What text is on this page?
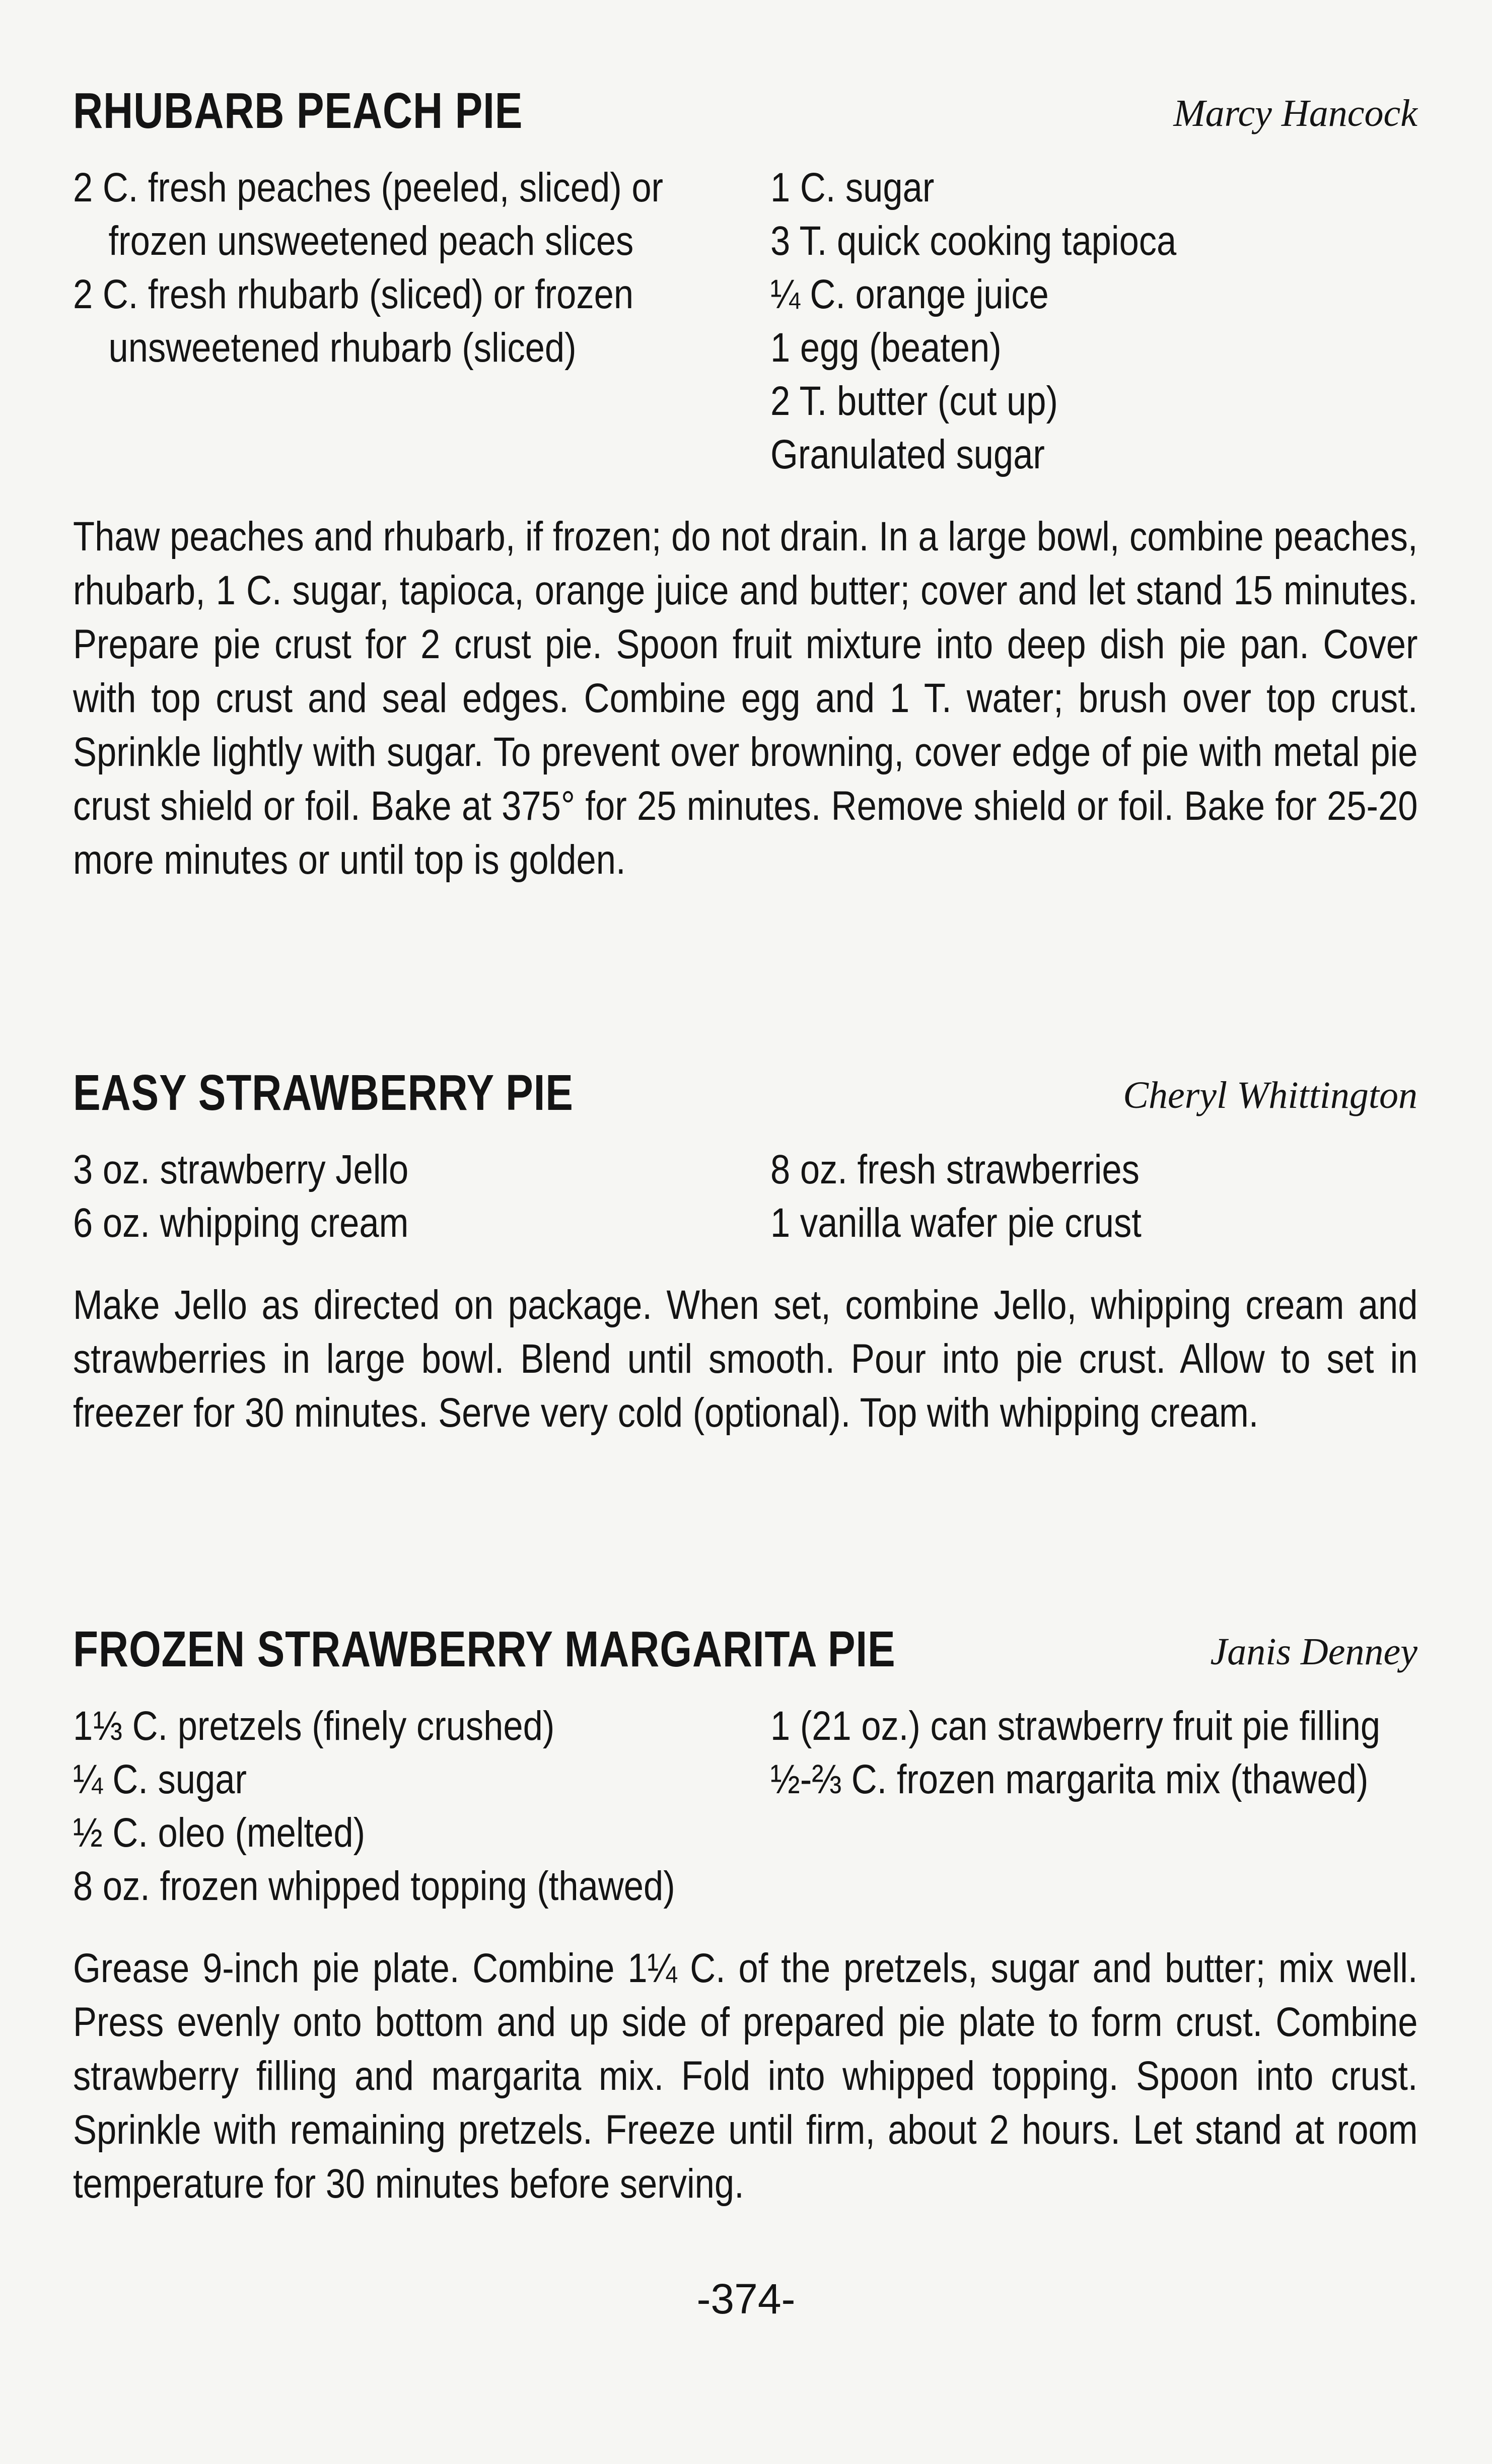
RHUBARB PEACH PIE	Marcy Hancock
2 C. fresh peaches (peeled, sliced) or frozen unsweetened peach slices
2 C. fresh rhubarb (sliced) or frozen unsweetened rhubarb (sliced)
1 C. sugar
3 T. quick cooking tapioca
¼ C. orange juice
1 egg (beaten)
2 T. butter (cut up)
Granulated sugar
Thaw peaches and rhubarb, if frozen; do not drain. In a large bowl, combine peaches, rhubarb, 1 C. sugar, tapioca, orange juice and butter; cover and let stand 15 minutes. Prepare pie crust for 2 crust pie. Spoon fruit mixture into deep dish pie pan. Cover with top crust and seal edges. Combine egg and 1 T. water; brush over top crust. Sprinkle lightly with sugar. To prevent over browning, cover edge of pie with metal pie crust shield or foil. Bake at 375° for 25 minutes. Remove shield or foil. Bake for 25-20 more minutes or until top is golden.
EASY STRAWBERRY PIE	Cheryl Whittington
3 oz. strawberry Jello
6 oz. whipping cream
8 oz. fresh strawberries
1 vanilla wafer pie crust
Make Jello as directed on package. When set, combine Jello, whipping cream and strawberries in large bowl. Blend until smooth. Pour into pie crust. Allow to set in freezer for 30 minutes. Serve very cold (optional). Top with whipping cream.
FROZEN STRAWBERRY MARGARITA PIE	Janis Denney
1⅓ C. pretzels (finely crushed)
¼ C. sugar
½ C. oleo (melted)
8 oz. frozen whipped topping (thawed)
1 (21 oz.) can strawberry fruit pie filling
½-⅔ C. frozen margarita mix (thawed)
Grease 9-inch pie plate. Combine 1¼ C. of the pretzels, sugar and butter; mix well. Press evenly onto bottom and up side of prepared pie plate to form crust. Combine strawberry filling and margarita mix. Fold into whipped topping. Spoon into crust. Sprinkle with remaining pretzels. Freeze until firm, about 2 hours. Let stand at room temperature for 30 minutes before serving.
-374-
